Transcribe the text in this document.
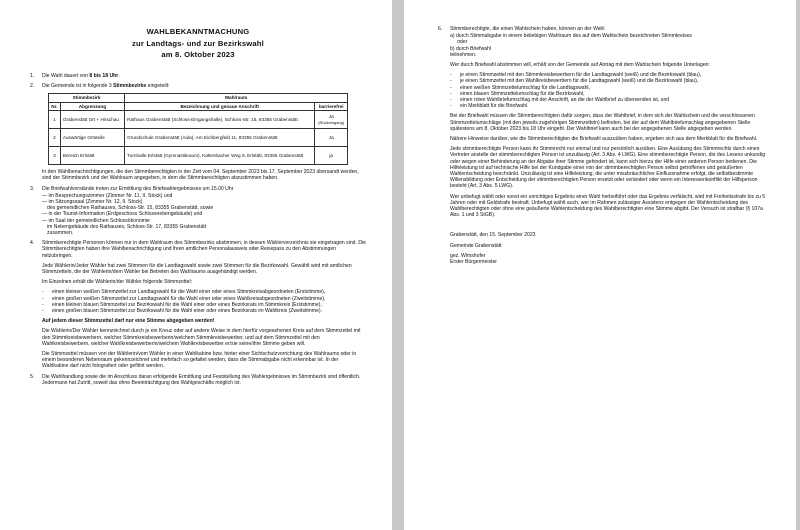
WAHLBEKANNTMACHUNG
zur Landtags- und zur Bezirkswahl
am 8. Oktober 2023
1.	Die Wahl dauert von 8 bis 18 Uhr.
2.	Die Gemeinde ist in folgende 3 Stimmbezirke eingeteilt:
Stimmbezirk		Wahlraum	
Nr.	Abgrenzung	Bezeichnung und genaue Anschrift	barrierefrei
1	Grabenstätt Ort + Hirschau	Rathaus Grabenstätt (Schloss-Eingangshalle), Schloss-Str. 15, 83355 Grabenstätt	Ja
(Rückeingang)

2	Auswärtige Ortsteile	Grundschule Grabenstätt (Aula), Am Eichbergfeld 11, 83355 Grabenstätt	Ja
3	Bereich Erlstätt	Turnhalle Erlstätt (Gymnastikraum), Kaltenbacher Weg 9, Erlstätt, 83355 Grabenstätt	ja

In den Wahlbenachrichtigungen, die den Stimmberechtigten in der Zeit vom 04. September 2023 bis 17. September 2023 übersandt werden, sind der Stimmbezirk und der Wahlraum angegeben, in dem die Stimmberechtigten abzustimmen haben.

3.	Die Briefwahlvorstände treten zur Ermittlung des Briefwahlergebnisses um 15.00 Uhr
— im Besprechungszimmer (Zimmer Nr. 11, II. Stock) und
— im Sitzungssaal (Zimmer Nr. 12, II. Stock)
des gemeindlichen Rathauses, Schloss-Str. 15, 83355 Grabenstätt, sowie
— in der Tourist-Information (Erdgeschoss Schlossnebengebäude) und
— im Saal der gemeindlichen Schlossökonomie
im Nebengebäude des Rathauses, Schloss-Str. 17, 83355 Grabenstätt
zusammen.
4.	Stimmberechtigte Personen können nur in dem Wahlraum des Stimmbezirks abstimmen, in dessen Wählerverzeichnis sie eingetragen sind. Die Stimmberechtigten haben ihre Wahlbenachrichtigung und ihren amtlichen Personalausweis oder Reisepass zu den Abstimmungen mitzubringen.

Jede Wählerin/Jeder Wähler hat zwei Stimmen für die Landtagswahl sowie zwei Stimmen für die Bezirkswahl. Gewählt wird mit amtlichen Stimmzetteln, die der Wählerin/dem Wähler bei Betreten des Wahlraums ausgehändigt werden.

Im Einzelnen erhält die Wählerin/der Wähler folgende Stimmzettel:

-	einen kleinen weißen Stimmzettel zur Landtagswahl für die Wahl einer oder eines Stimmkreisabgeordneten (Erststimme),
-	einen großen weißen Stimmzettel zur Landtagswahl für die Wahl einer oder eines Wahlkreisabgeordneten (Zweitstimme),
-	einen kleinen blauen Stimmzettel zur Bezirkswahl für die Wahl einer oder eines Bezirksrats im Stimmkreis (Erststimme),
-	einen großen blauen Stimmzettel zur Bezirkswahl für die Wahl einer oder eines Bezirksrats im Wahlkreis (Zweitstimme).

Auf jedem dieser Stimmzettel darf nur eine Stimme abgegeben werden!

Die Wählerin/Der Wähler kennzeichnet durch je ein Kreuz oder auf andere Weise in dem hierfür vorgesehenen Kreis auf dem Stimmzettel mit den Stimmkreisbewerbern, welcher Stimmkreisbewerberin/welchem Stimmkreisbewerber, und auf dem Stimmzettel mit den Wahlkreisbewerbern, welcher Wahlkreisbewerberin/welchem Wahlkreisbewerber er/sie seine/ihre Stimme geben will.

Die Stimmzettel müssen von der Wählerin/vom Wähler in einer Wahlkabine bzw. hinter einer Sichtschutzvorrichtung des Wahlraums oder in einem besonderen Nebenraum gekennzeichnet und mehrfach so gefaltet werden, dass die Stimmabgabe nicht erkennbar ist. In der Wahlkabine darf nicht fotografiert oder gefilmt werden.

5.	Die Wahlhandlung sowie die im Anschluss daran erfolgende Ermittlung und Feststellung des Wahlergebnisses im Stimmbezirk sind öffentlich. Jedermann hat Zutritt, soweit das ohne Beeinträchtigung des Wahlgeschäfts möglich ist.
6.	Stimmberechtigte, die einen Wahlschein haben, können an der Wahl
a) durch Stimmabgabe in einem beliebigen Wahlraum des auf dem Wahlschein bezeichneten Stimmkreises
oder
b) durch Briefwahl
teilnehmen.

Wer durch Briefwahl abstimmen will, erhält von der Gemeinde auf Antrag mit dem Wahlschein folgende Unterlagen:

-	je einen Stimmzettel mit den Stimmkreisbewerbern für die Landtagswahl (weiß) und die Bezirkswahl (blau),
-	je einen Stimmzettel mit den Wahlkreisbewerbern für die Landtagswahl (weiß) und die Bezirkswahl (blau),
-	einen weißen Stimmzettelumschlag für die Landtagswahl,
-	einen blauen Stimmzettelumschlag für die Bezirkswahl,
-	einen roten Wahlbriefumschlag mit der Anschrift, an die der Wahlbrief zu übersenden ist, und
-	ein Merkblatt für die Briefwahl.

Bei der Briefwahl müssen die Stimmberechtigten dafür sorgen, dass der Wahlbrief, in dem sich der Wahlschein und die verschlossenen Stimmzettelumschläge (mit den jeweils zugehörigen Stimmzetteln) befinden, bei der auf dem Wahlbriefumschlag angegebenen Stelle spätestens am 8. Oktober 2023 bis 18 Uhr eingeht. Der Wahlbrief kann auch bei der angegebenen Stelle abgegeben werden.

Nähere Hinweise darüber, wie die Stimmberechtigten die Briefwahl auszuüben haben, ergeben sich aus dem Merkblatt für die Briefwahl.

Jede stimmberechtigte Person kann ihr Stimmrecht nur einmal und nur persönlich ausüben. Eine Ausübung des Stimmrechts durch einen Vertreter anstelle der stimmberechtigten Person ist unzulässig (Art. 3 Abs. 4 LWG). Eine stimmberechtigte Person, die des Lesens unkundig oder wegen einer Behinderung an der Abgabe ihrer Stimme gehindert ist, kann sich hierzu der Hilfe einer anderen Person bedienen. Die Hilfeleistung ist auf technische Hilfe bei der Kundgabe einer von der stimmberechtigten Person selbst getroffenen und geäußerten Wahlentscheidung beschränkt. Unzulässig ist eine Hilfeleistung, die unter missbräuchlicher Einflussnahme erfolgt, die selbstbestimmte Willensbildung oder Entscheidung der stimmberechtigten Person ersetzt oder verändert oder wenn ein Interessenkonflikt der Hilfsperson besteht (Art. 3 Abs. 5 LWG).

Wer unbefugt wählt oder sonst ein unrichtiges Ergebnis einer Wahl herbeiführt oder das Ergebnis verfälscht, wird mit Freiheitsstrafe bis zu 5 Jahren oder mit Geldstrafe bestraft. Unbefugt wählt auch, wer im Rahmen zulässiger Assistenz entgegen der Wahlentscheidung des Wahlberechtigten oder ohne eine geäußerte Wahlentscheidung des Wahlberechtigten eine Stimme abgibt. Der Versuch ist strafbar (§ 107a Abs. 1 und 3 StGB).

Grabenstätt, den 15. September 2023

Gemeinde Grabenstätt

gez. Wimshofer

Erster Bürgermeister
